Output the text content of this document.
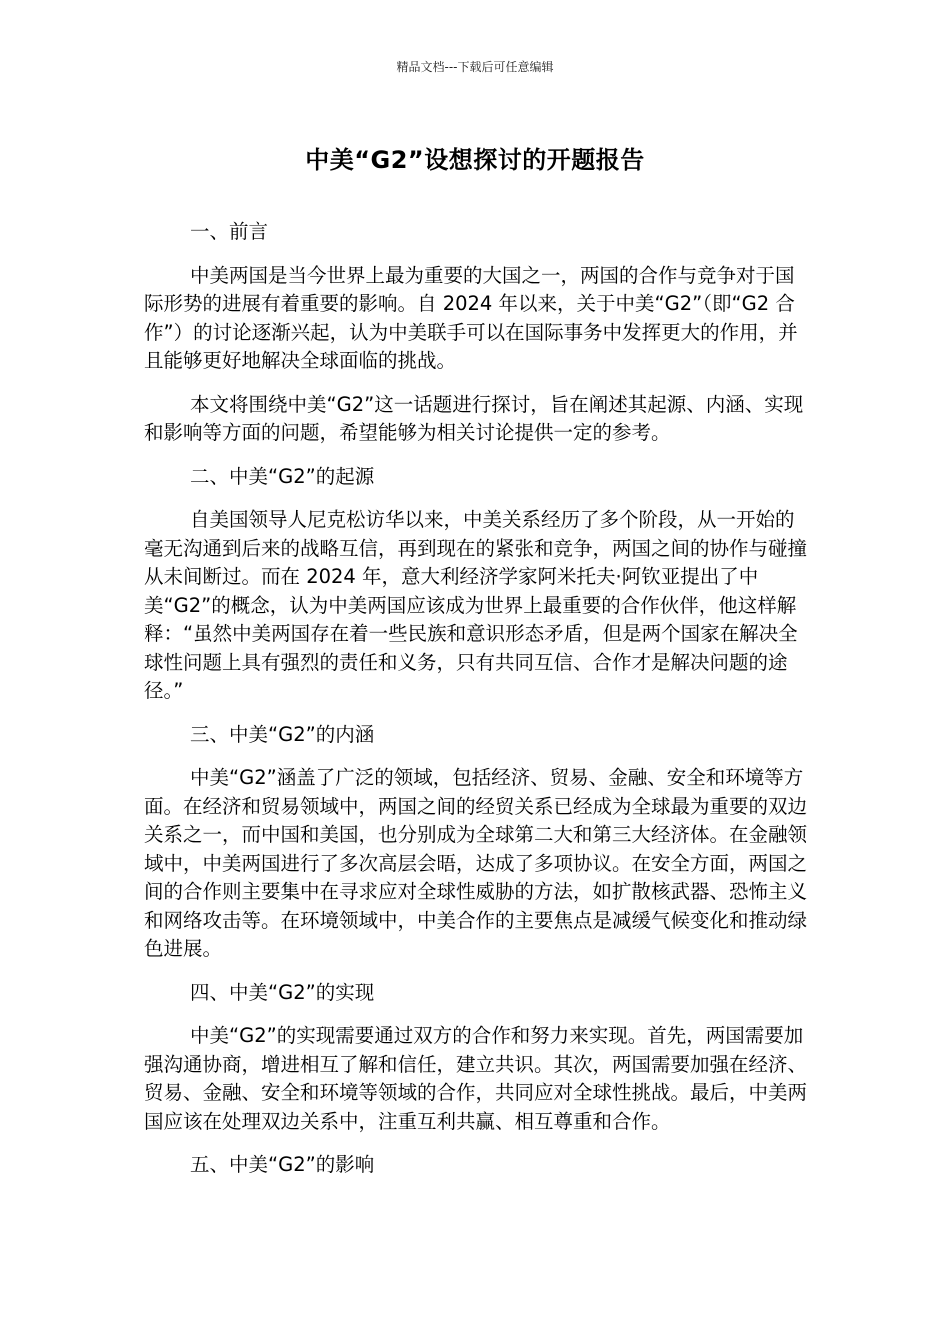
精品文档---下载后可任意编辑
中美“G2”设想探讨的开题报告
一、前言
中美两国是当今世界上最为重要的大国之一，两国的合作与竞争对于国际形势的进展有着重要的影响。自 2024 年以来，关于中美“G2”（即“G2 合作”）的讨论逐渐兴起，认为中美联手可以在国际事务中发挥更大的作用，并且能够更好地解决全球面临的挑战。
本文将围绕中美“G2”这一话题进行探讨，旨在阐述其起源、内涵、实现和影响等方面的问题，希望能够为相关讨论提供一定的参考。
二、中美“G2”的起源
自美国领导人尼克松访华以来，中美关系经历了多个阶段，从一开始的毫无沟通到后来的战略互信，再到现在的紧张和竞争，两国之间的协作与碰撞从未间断过。而在 2024 年，意大利经济学家阿米托夫·阿钦亚提出了中美“G2”的概念，认为中美两国应该成为世界上最重要的合作伙伴，他这样解释：“虽然中美两国存在着一些民族和意识形态矛盾，但是两个国家在解决全球性问题上具有强烈的责任和义务，只有共同互信、合作才是解决问题的途径。”
三、中美“G2”的内涵
中美“G2”涵盖了广泛的领域，包括经济、贸易、金融、安全和环境等方面。在经济和贸易领域中，两国之间的经贸关系已经成为全球最为重要的双边关系之一，而中国和美国，也分别成为全球第二大和第三大经济体。在金融领域中，中美两国进行了多次高层会晤，达成了多项协议。在安全方面，两国之间的合作则主要集中在寻求应对全球性威胁的方法，如扩散核武器、恐怖主义和网络攻击等。在环境领域中，中美合作的主要焦点是减缓气候变化和推动绿色进展。
四、中美“G2”的实现
中美“G2”的实现需要通过双方的合作和努力来实现。首先，两国需要加强沟通协商，增进相互了解和信任，建立共识。其次，两国需要加强在经济、贸易、金融、安全和环境等领域的合作，共同应对全球性挑战。最后，中美两国应该在处理双边关系中，注重互利共赢、相互尊重和合作。
五、中美“G2”的影响
